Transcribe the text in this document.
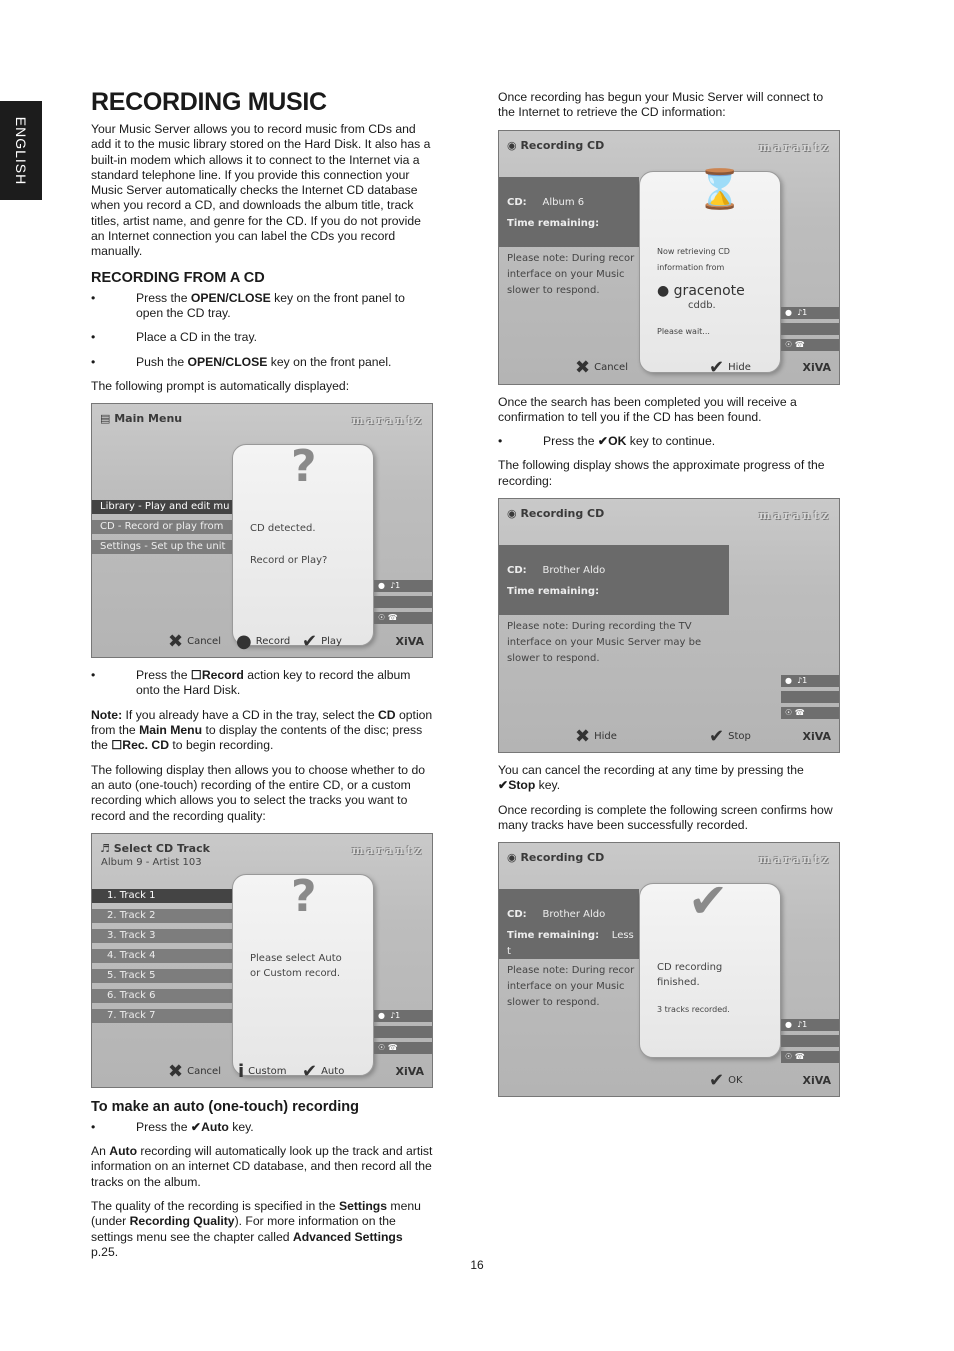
ENGLISH
RECORDING MUSIC

Your Music Server allows you to record music from CDs and add it to the music library stored on the Hard Disk. It also has a built-in modem which allows it to connect to the Internet via a standard telephone line. If you provide this connection your Music Server automatically checks the Internet CD database when you record a CD, and downloads the album title, track titles, artist name, and genre for the CD. If you do not provide an Internet connection you can label the CDs you record manually.

RECORDING FROM A CD
•	Press the OPEN/CLOSE key on the front panel to open the CD tray.
•	Place a CD in the tray.
•	Push the OPEN/CLOSE key on the front panel.

The following prompt is automatically displayed:

▤ Main Menu	marantz
Library - Play and edit mu
CD - Record or play from
Settings - Set up the unit
?
CD detected.
Record or Play?
●  ♪1
☉ ☎
✖ Cancel ● Record ✔ Play	XiVA
•	Press the ☐Record action key to record the album onto the Hard Disk.

Note: If you already have a CD in the tray, select the CD option from the Main Menu to display the contents of the disc; press the ☐Rec. CD to begin recording.

The following display then allows you to choose whether to do an auto (one-touch) recording of the entire CD, or a custom recording which allows you to select the tracks you want to record and the recording quality:

♬ Select CD Track
Album 9 - Artist 103
marantz
1. Track 1
2. Track 2
3. Track 3
4. Track 4
5. Track 5
6. Track 6
7. Track 7
?
Please select Auto
or Custom record.
●  ♪1
☉ ☎
✖ Cancel i Custom ✔ Auto	XiVA
To make an auto (one-touch) recording
•	Press the ✔Auto key.

An Auto recording will automatically look up the track and artist information on an internet CD database, and then record all the tracks on the album.

The quality of the recording is specified in the Settings menu (under Recording Quality). For more information on the settings menu see the chapter called Advanced Settings p.25.

Once recording has begun your Music Server will connect to the Internet to retrieve the CD information:

◉ Recording CD	marantz
CD: Album 6
Time remaining:
Please note: During recor interface on your Music slower to respond.
⌛
Now retrieving CD
information from
● gracenote
cddb.
Please wait...
●  ♪1
☉ ☎
✖ Cancel	✔ Hide	XiVA

Once the search has been completed you will receive a confirmation to tell you if the CD has been found.

•	Press the ✔OK key to continue.

The following display shows the approximate progress of the recording:

◉ Recording CD	marantz
CD: Brother Aldo
Time remaining:
Please note: During recording the TV
interface on your Music Server may be
slower to respond.
●  ♪1
☉ ☎
✖ Hide	✔ Stop	XiVA

You can cancel the recording at any time by pressing the ✔Stop key.

Once recording is complete the following screen confirms how many tracks have been successfully recorded.

◉ Recording CD	marantz
CD: Brother Aldo
Time remaining: Less t
Please note: During recor interface on your Music slower to respond.
✔
CD recording
finished.
3 tracks recorded.
●  ♪1
☉ ☎
✔ OK	XiVA
16
